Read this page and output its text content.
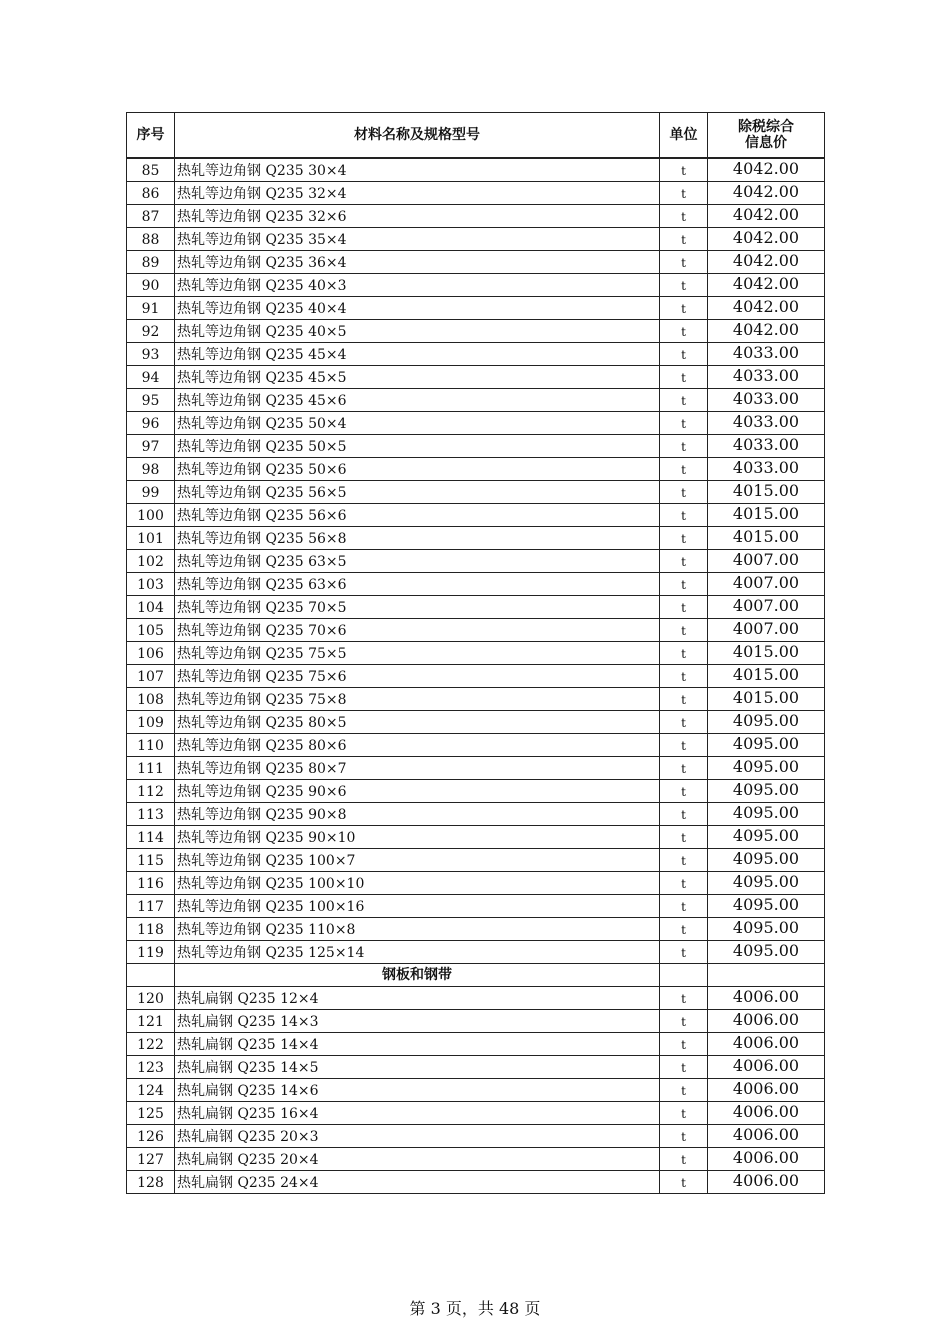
序号	材料名称及规格型号	单位	除税综合
信息价

85	热轧等边角钢 Q235 30×4	t	4042.00
86	热轧等边角钢 Q235 32×4	t	4042.00
87	热轧等边角钢 Q235 32×6	t	4042.00
88	热轧等边角钢 Q235 35×4	t	4042.00
89	热轧等边角钢 Q235 36×4	t	4042.00
90	热轧等边角钢 Q235 40×3	t	4042.00
91	热轧等边角钢 Q235 40×4	t	4042.00
92	热轧等边角钢 Q235 40×5	t	4042.00
93	热轧等边角钢 Q235 45×4	t	4033.00
94	热轧等边角钢 Q235 45×5	t	4033.00
95	热轧等边角钢 Q235 45×6	t	4033.00
96	热轧等边角钢 Q235 50×4	t	4033.00
97	热轧等边角钢 Q235 50×5	t	4033.00
98	热轧等边角钢 Q235 50×6	t	4033.00
99	热轧等边角钢 Q235 56×5	t	4015.00
100	热轧等边角钢 Q235 56×6	t	4015.00
101	热轧等边角钢 Q235 56×8	t	4015.00
102	热轧等边角钢 Q235 63×5	t	4007.00
103	热轧等边角钢 Q235 63×6	t	4007.00
104	热轧等边角钢 Q235 70×5	t	4007.00
105	热轧等边角钢 Q235 70×6	t	4007.00
106	热轧等边角钢 Q235 75×5	t	4015.00
107	热轧等边角钢 Q235 75×6	t	4015.00
108	热轧等边角钢 Q235 75×8	t	4015.00
109	热轧等边角钢 Q235 80×5	t	4095.00
110	热轧等边角钢 Q235 80×6	t	4095.00
111	热轧等边角钢 Q235 80×7	t	4095.00
112	热轧等边角钢 Q235 90×6	t	4095.00
113	热轧等边角钢 Q235 90×8	t	4095.00
114	热轧等边角钢 Q235 90×10	t	4095.00
115	热轧等边角钢 Q235 100×7	t	4095.00
116	热轧等边角钢 Q235 100×10	t	4095.00
117	热轧等边角钢 Q235 100×16	t	4095.00
118	热轧等边角钢 Q235 110×8	t	4095.00
119	热轧等边角钢 Q235 125×14	t	4095.00
	钢板和钢带		
120	热轧扁钢 Q235 12×4	t	4006.00
121	热轧扁钢 Q235 14×3	t	4006.00
122	热轧扁钢 Q235 14×4	t	4006.00
123	热轧扁钢 Q235 14×5	t	4006.00
124	热轧扁钢 Q235 14×6	t	4006.00
125	热轧扁钢 Q235 16×4	t	4006.00
126	热轧扁钢 Q235 20×3	t	4006.00
127	热轧扁钢 Q235 20×4	t	4006.00
128	热轧扁钢 Q235 24×4	t	4006.00
第 3 页，共 48 页
